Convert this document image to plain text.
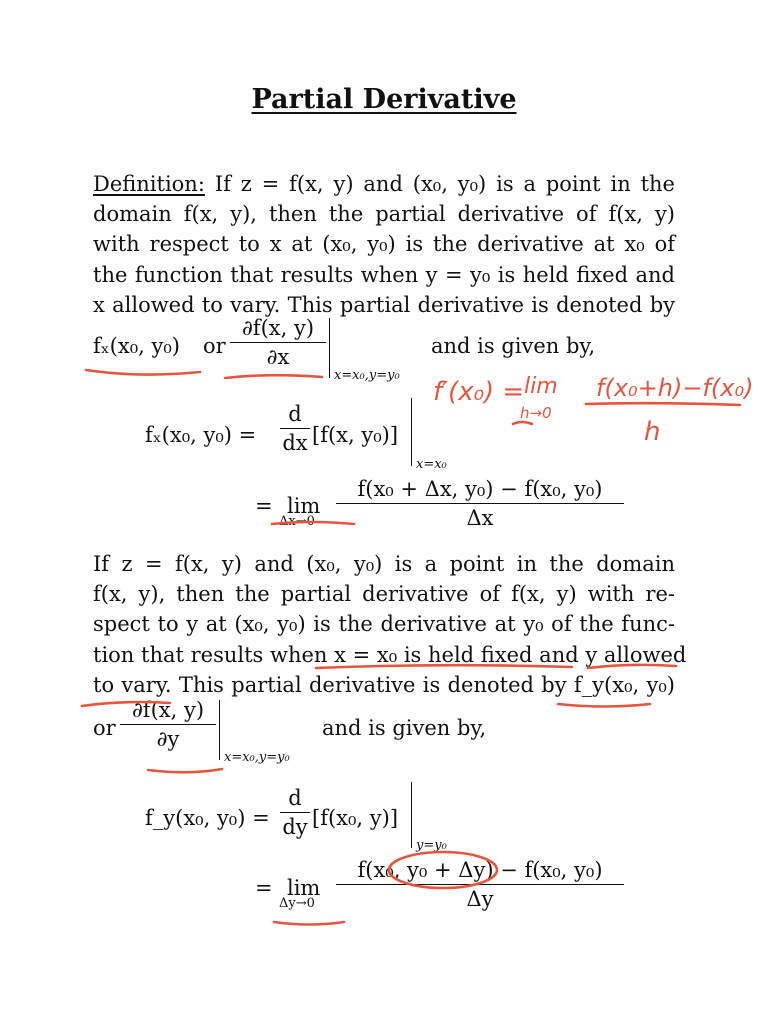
Partial Derivative
Definition: If z = f(x, y) and (x₀, y₀) is a point in the
domain f(x, y), then the partial derivative of f(x, y)
with respect to x at (x₀, y₀) is the derivative at x₀ of
the function that results when y = y₀ is held fixed and
x allowed to vary. This partial derivative is denoted by
fₓ(x₀, y₀) or
∂f(x, y)
∂x
x=x₀,y=y₀
and is given by,
fₓ(x₀, y₀) =
d
dx [f(x, y₀)]
x=x₀
= lim
Δx→0
f(x₀ + Δx, y₀) − f(x₀, y₀)
Δx
If z = f(x, y) and (x₀, y₀) is a point in the domain
f(x, y), then the partial derivative of f(x, y) with re-
spect to y at (x₀, y₀) is the derivative at y₀ of the func-
tion that results when x = x₀ is held fixed and y allowed
to vary. This partial derivative is denoted by f_y(x₀, y₀)
or
∂f(x, y)
∂y
x=x₀,y=y₀
and is given by,
f_y(x₀, y₀) =
d
dy [f(x₀, y)]
y=y₀
= lim
Δy→0
f(x₀, y₀ + Δy) − f(x₀, y₀)
Δy
f′(x₀) = lim
h→0
f(x₀+h)−f(x₀)
h
